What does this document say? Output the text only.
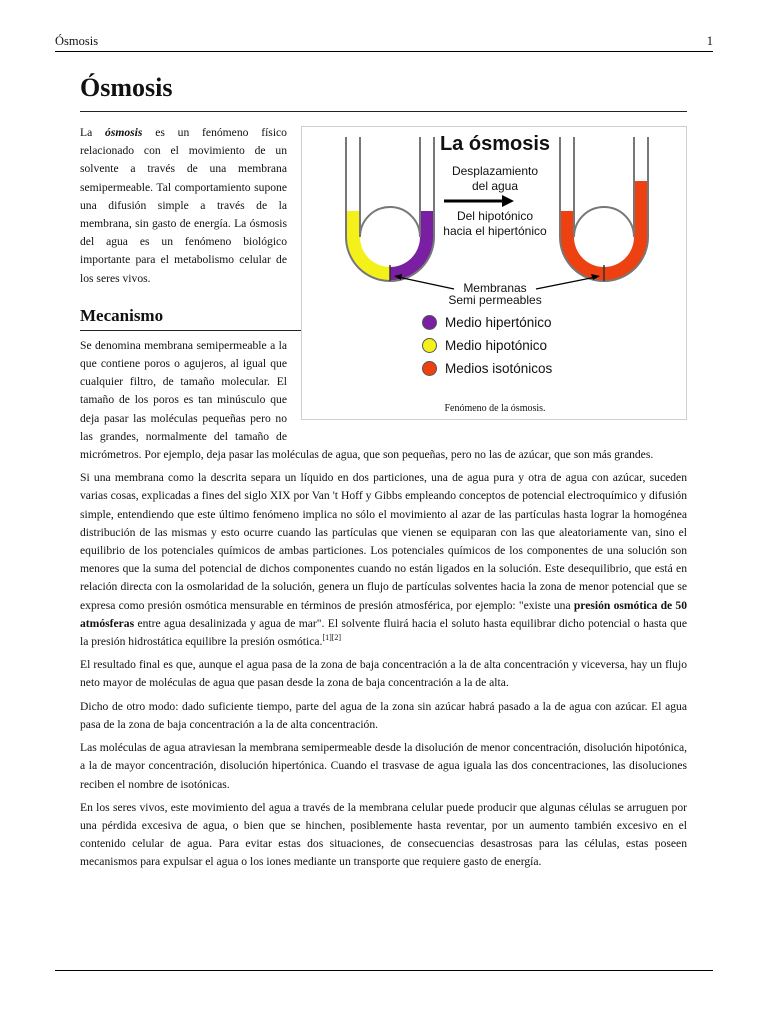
Ósmosis	1
Ósmosis
La ósmosis
Desplazamiento
del agua
Del hipotónico
hacia el hipertónico
Membranas
Semi permeables
Medio hipertónico
Medio hipotónico
Medios isotónicos
Fenómeno de la ósmosis.

La ósmosis es un fenómeno físico relacionado con el movimiento de un solvente a través de una membrana semipermeable. Tal comportamiento supone una difusión simple a través de la membrana, sin gasto de energía. La ósmosis del agua es un fenómeno biológico importante para el metabolismo celular de los seres vivos.

Mecanismo

Se denomina membrana semipermeable a la que contiene poros o agujeros, al igual que cualquier filtro, de tamaño molecular. El tamaño de los poros es tan minúsculo que deja pasar las moléculas pequeñas pero no las grandes, normalmente del tamaño de micrómetros. Por ejemplo, deja pasar las moléculas de agua, que son pequeñas, pero no las de azúcar, que son más grandes.

Si una membrana como la descrita separa un líquido en dos particiones, una de agua pura y otra de agua con azúcar, suceden varias cosas, explicadas a fines del siglo XIX por Van 't Hoff y Gibbs empleando conceptos de potencial electroquímico y difusión simple, entendiendo que este último fenómeno implica no sólo el movimiento al azar de las partículas hasta lograr la homogénea distribución de las mismas y esto ocurre cuando las partículas que vienen se equiparan con las que aleatoriamente van, sino el equilibrio de los potenciales químicos de ambas particiones. Los potenciales químicos de los componentes de una solución son menores que la suma del potencial de dichos componentes cuando no están ligados en la solución. Este desequilibrio, que está en relación directa con la osmolaridad de la solución, genera un flujo de partículas solventes hacia la zona de menor potencial que se expresa como presión osmótica mensurable en términos de presión atmosférica, por ejemplo: "existe una presión osmótica de 50 atmósferas entre agua desalinizada y agua de mar". El solvente fluirá hacia el soluto hasta equilibrar dicho potencial o hasta que la presión hidrostática equilibre la presión osmótica.[1][2]

El resultado final es que, aunque el agua pasa de la zona de baja concentración a la de alta concentración y viceversa, hay un flujo neto mayor de moléculas de agua que pasan desde la zona de baja concentración a la de alta.

Dicho de otro modo: dado suficiente tiempo, parte del agua de la zona sin azúcar habrá pasado a la de agua con azúcar. El agua pasa de la zona de baja concentración a la de alta concentración.

Las moléculas de agua atraviesan la membrana semipermeable desde la disolución de menor concentración, disolución hipotónica, a la de mayor concentración, disolución hipertónica. Cuando el trasvase de agua iguala las dos concentraciones, las disoluciones reciben el nombre de isotónicas.

En los seres vivos, este movimiento del agua a través de la membrana celular puede producir que algunas células se arruguen por una pérdida excesiva de agua, o bien que se hinchen, posiblemente hasta reventar, por un aumento también excesivo en el contenido celular de agua. Para evitar estas dos situaciones, de consecuencias desastrosas para las células, estas poseen mecanismos para expulsar el agua o los iones mediante un transporte que requiere gasto de energía.
